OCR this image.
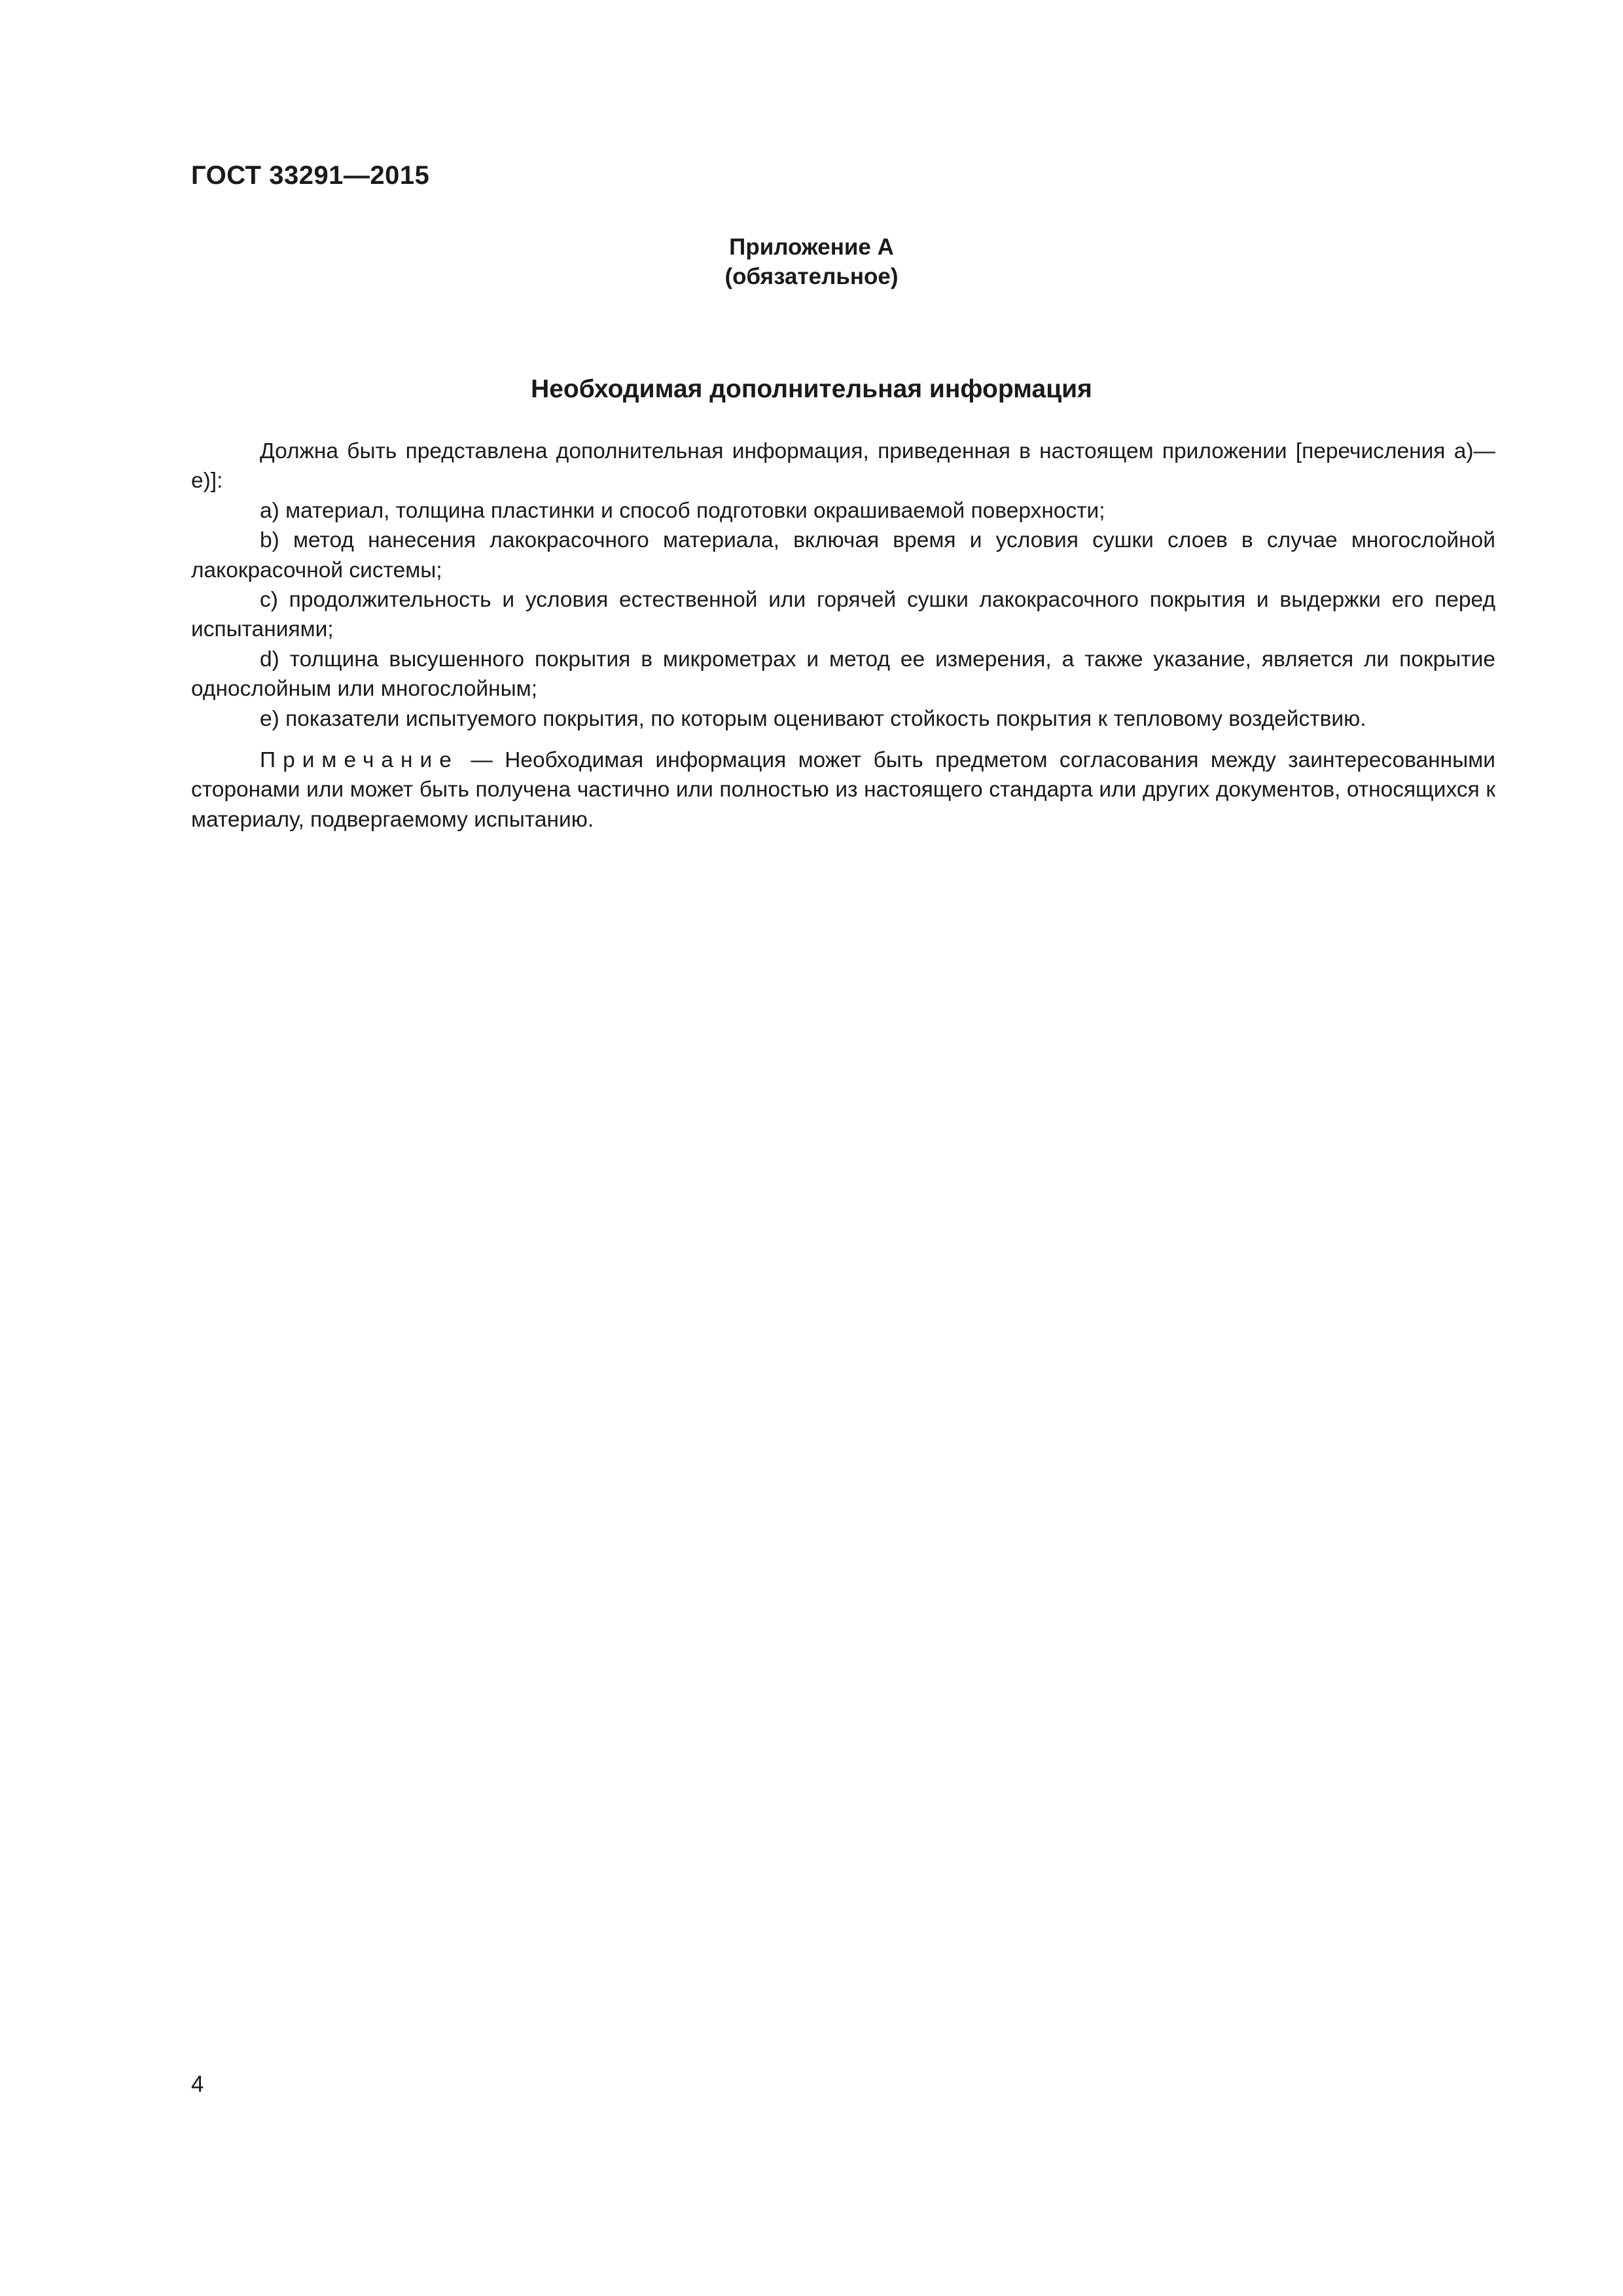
ГОСТ 33291—2015
Приложение А
(обязательное)
Необходимая дополнительная информация

Должна быть представлена дополнительная информация, приведенная в настоящем приложении [перечисления а)—е)]:

а) материал, толщина пластинки и способ подготовки окрашиваемой поверхности;

b) метод нанесения лакокрасочного материала, включая время и условия сушки слоев в случае многослойной лакокрасочной системы;

с) продолжительность и условия естественной или горячей сушки лакокрасочного покрытия и выдержки его перед испытаниями;

d) толщина высушенного покрытия в микрометрах и метод ее измерения, а также указание, является ли покрытие однослойным или многослойным;

е) показатели испытуемого покрытия, по которым оценивают стойкость покрытия к тепловому воздействию.

Примечание — Необходимая информация может быть предметом согласования между заинтересованными сторонами или может быть получена частично или полностью из настоящего стандарта или других документов, относящихся к материалу, подвергаемому испытанию.

4
